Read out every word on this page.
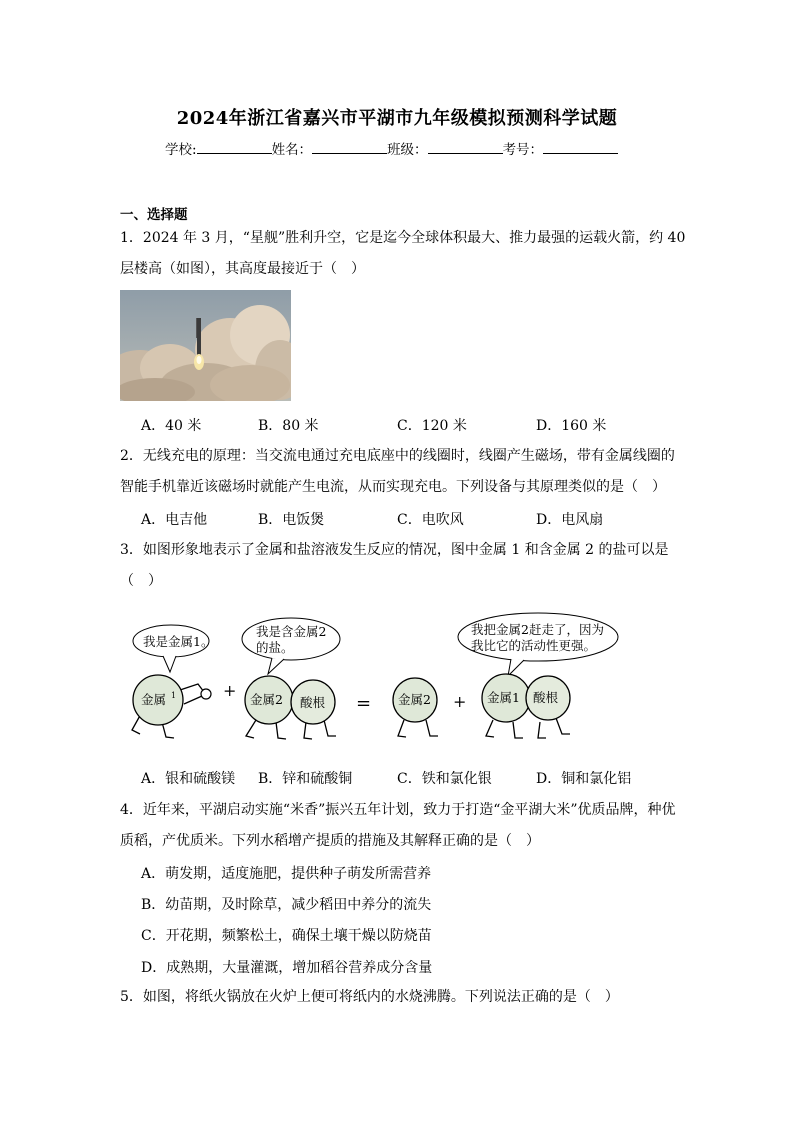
2024年浙江省嘉兴市平湖市九年级模拟预测科学试题
学校:	姓名：	班级：	考号：
一、选择题
1．2024 年 3 月，“星舰”胜利升空，它是迄今全球体积最大、推力最强的运载火箭，约 40
层楼高（如图），其高度最接近于（　）
A．40 米	B．80 米	C．120 米	D．160 米
2．无线充电的原理：当交流电通过充电底座中的线圈时，线圈产生磁场，带有金属线圈的
智能手机靠近该磁场时就能产生电流，从而实现充电。下列设备与其原理类似的是（　）
A．电吉他	B．电饭煲	C．电吹风	D．电风扇
3．如图形象地表示了金属和盐溶液发生反应的情况，图中金属 1 和含金属 2 的盐可以是
（　）
我是金属1。
我是含金属2
的盐。
我把金属2赶走了，因为
我比它的活动性更强。
金属 1	+ 金属2 酸根 = 金属2 + 金属1 酸根
A．银和硫酸镁 B．锌和硫酸铜	C．铁和氯化银	D．铜和氯化铝
4．近年来，平湖启动实施“米香”振兴五年计划，致力于打造“金平湖大米”优质品牌，种优
质稻，产优质米。下列水稻增产提质的措施及其解释正确的是（　）
A．萌发期，适度施肥，提供种子萌发所需营养
B．幼苗期，及时除草，减少稻田中养分的流失
C．开花期，频繁松土，确保土壤干燥以防烧苗
D．成熟期，大量灌溉，增加稻谷营养成分含量
5．如图，将纸火锅放在火炉上便可将纸内的水烧沸腾。下列说法正确的是（　）
